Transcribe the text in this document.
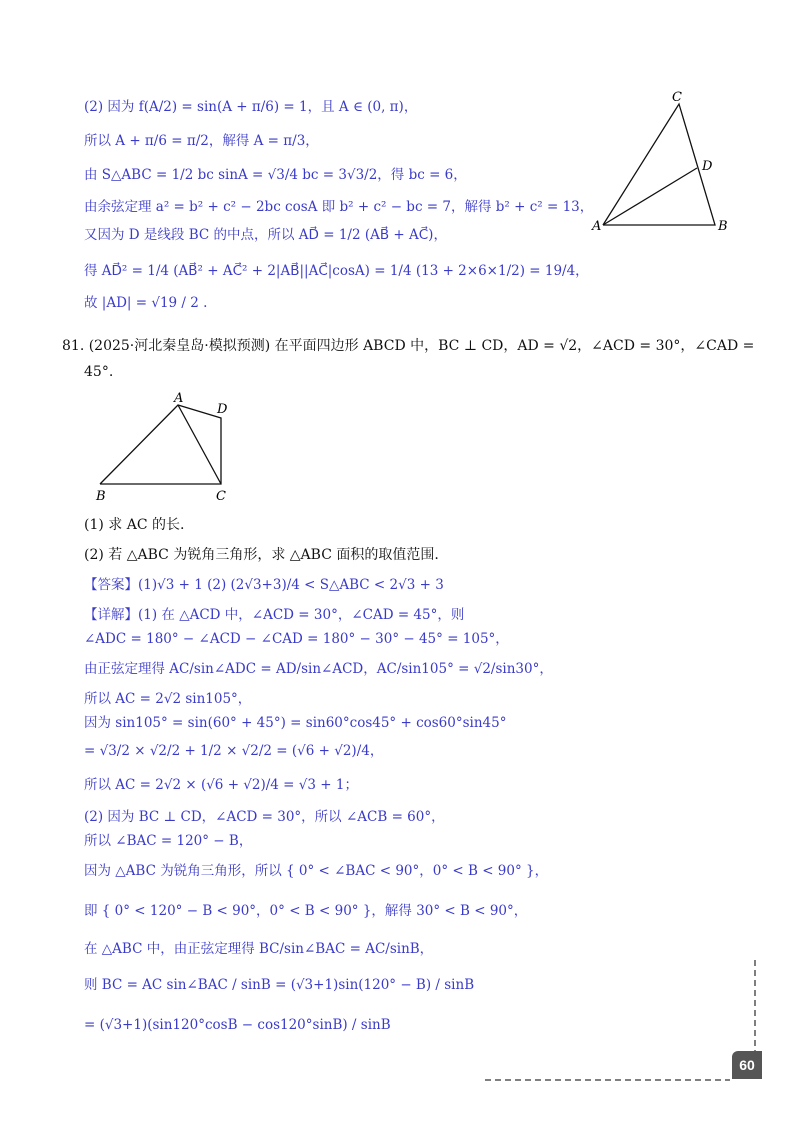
C
D
A	B
A
D
B	C
(2) 因为 f(A/2) = sin(A + π/6) = 1，且 A ∈ (0, π)，
所以 A + π/6 = π/2，解得 A = π/3，
由 S△ABC = 1/2 bc sinA = √3/4 bc = 3√3/2，得 bc = 6，
由余弦定理 a² = b² + c² − 2bc cosA 即 b² + c² − bc = 7，解得 b² + c² = 13，
又因为 D 是线段 BC 的中点，所以 AD⃗ = 1/2 (AB⃗ + AC⃗)，
得 AD⃗² = 1/4 (AB⃗² + AC⃗² + 2|AB⃗||AC⃗|cosA) = 1/4 (13 + 2×6×1/2) = 19/4，
故 |AD| = √19 / 2 .
81. (2025·河北秦皇岛·模拟预测) 在平面四边形 ABCD 中，BC ⊥ CD，AD = √2，∠ACD = 30°，∠CAD =
45°.
(1) 求 AC 的长.
(2) 若 △ABC 为锐角三角形，求 △ABC 面积的取值范围.
【答案】(1)√3 + 1 (2) (2√3+3)/4 < S△ABC < 2√3 + 3
【详解】(1) 在 △ACD 中，∠ACD = 30°，∠CAD = 45°，则
∠ADC = 180° − ∠ACD − ∠CAD = 180° − 30° − 45° = 105°，
由正弦定理得 AC/sin∠ADC = AD/sin∠ACD，AC/sin105° = √2/sin30°，
所以 AC = 2√2 sin105°，
因为 sin105° = sin(60° + 45°) = sin60°cos45° + cos60°sin45°
= √3/2 × √2/2 + 1/2 × √2/2 = (√6 + √2)/4，
所以 AC = 2√2 × (√6 + √2)/4 = √3 + 1；
(2) 因为 BC ⊥ CD，∠ACD = 30°，所以 ∠ACB = 60°，
所以 ∠BAC = 120° − B，
因为 △ABC 为锐角三角形，所以 { 0° < ∠BAC < 90°，0° < B < 90° }，
即 { 0° < 120° − B < 90°，0° < B < 90° }，解得 30° < B < 90°，
在 △ABC 中，由正弦定理得 BC/sin∠BAC = AC/sinB，
则 BC = AC sin∠BAC / sinB = (√3+1)sin(120° − B) / sinB
= (√3+1)(sin120°cosB − cos120°sinB) / sinB
60
